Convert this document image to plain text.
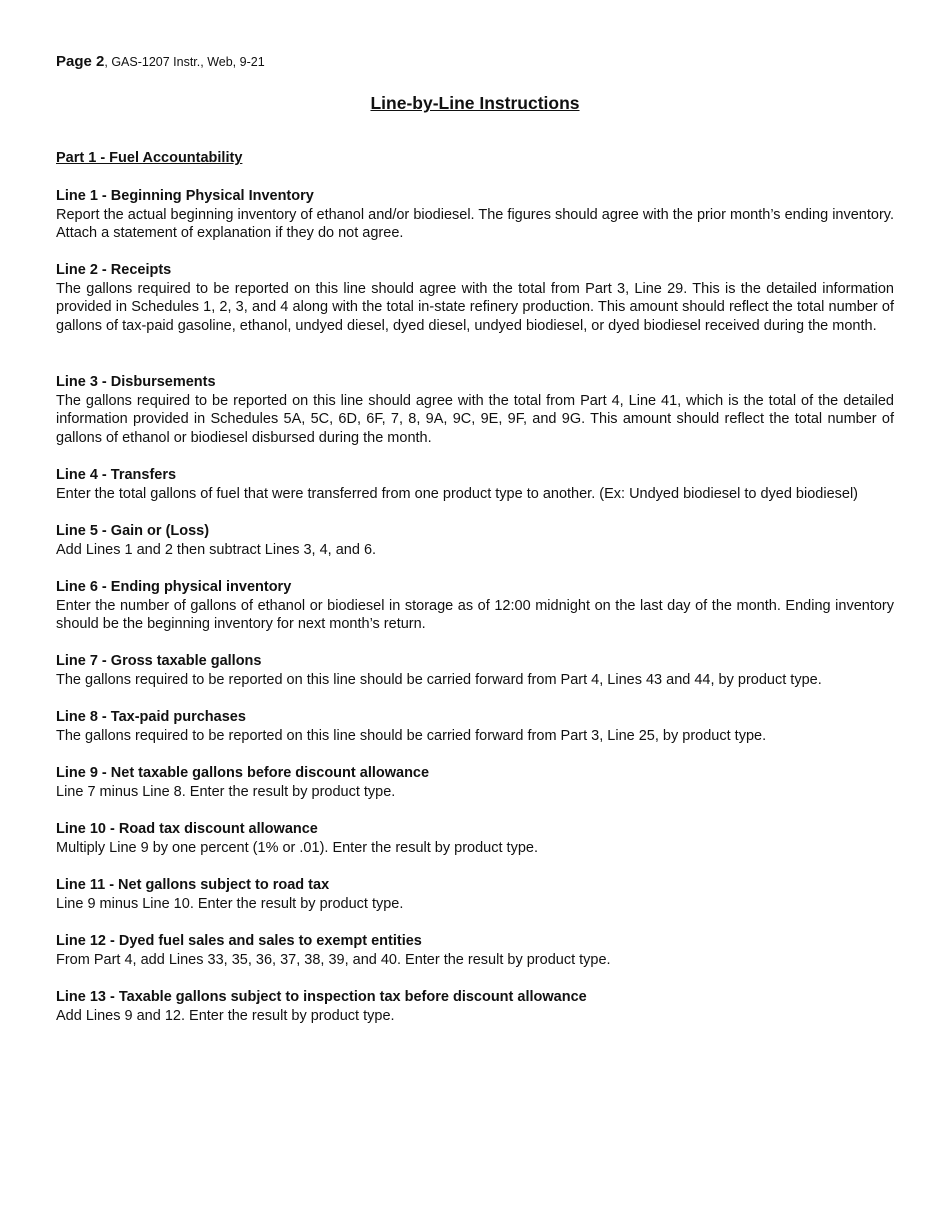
Page 2, GAS-1207 Instr., Web, 9-21
Line-by-Line Instructions
Part 1 - Fuel Accountability
Line 1 - Beginning Physical Inventory
Report the actual beginning inventory of ethanol and/or biodiesel. The figures should agree with the prior month’s ending inventory. Attach a statement of explanation if they do not agree.
Line 2 - Receipts
The gallons required to be reported on this line should agree with the total from Part 3, Line 29. This is the detailed information provided in Schedules 1, 2, 3, and 4 along with the total in-state refinery production. This amount should reflect the total number of gallons of tax-paid gasoline, ethanol, undyed diesel, dyed diesel, undyed biodiesel, or dyed biodiesel received during the month.
Line 3 - Disbursements
The gallons required to be reported on this line should agree with the total from Part 4, Line 41, which is the total of the detailed information provided in Schedules 5A, 5C, 6D, 6F, 7, 8, 9A, 9C, 9E, 9F, and 9G. This amount should reflect the total number of gallons of ethanol or biodiesel disbursed during the month.
Line 4 - Transfers
Enter the total gallons of fuel that were transferred from one product type to another. (Ex: Undyed biodiesel to dyed biodiesel)
Line 5 - Gain or (Loss)
Add Lines 1 and 2 then subtract Lines 3, 4, and 6.
Line 6 - Ending physical inventory
Enter the number of gallons of ethanol or biodiesel in storage as of 12:00 midnight on the last day of the month. Ending inventory should be the beginning inventory for next month’s return.
Line 7 - Gross taxable gallons
The gallons required to be reported on this line should be carried forward from Part 4, Lines 43 and 44, by product type.
Line 8 - Tax-paid purchases
The gallons required to be reported on this line should be carried forward from Part 3, Line 25, by product type.
Line 9 - Net taxable gallons before discount allowance
Line 7 minus Line 8. Enter the result by product type.
Line 10 - Road tax discount allowance
Multiply Line 9 by one percent (1% or .01). Enter the result by product type.
Line 11 - Net gallons subject to road tax
Line 9 minus Line 10. Enter the result by product type.
Line 12 - Dyed fuel sales and sales to exempt entities
From Part 4, add Lines 33, 35, 36, 37, 38, 39, and 40. Enter the result by product type.
Line 13 - Taxable gallons subject to inspection tax before discount allowance
Add Lines 9 and 12. Enter the result by product type.
